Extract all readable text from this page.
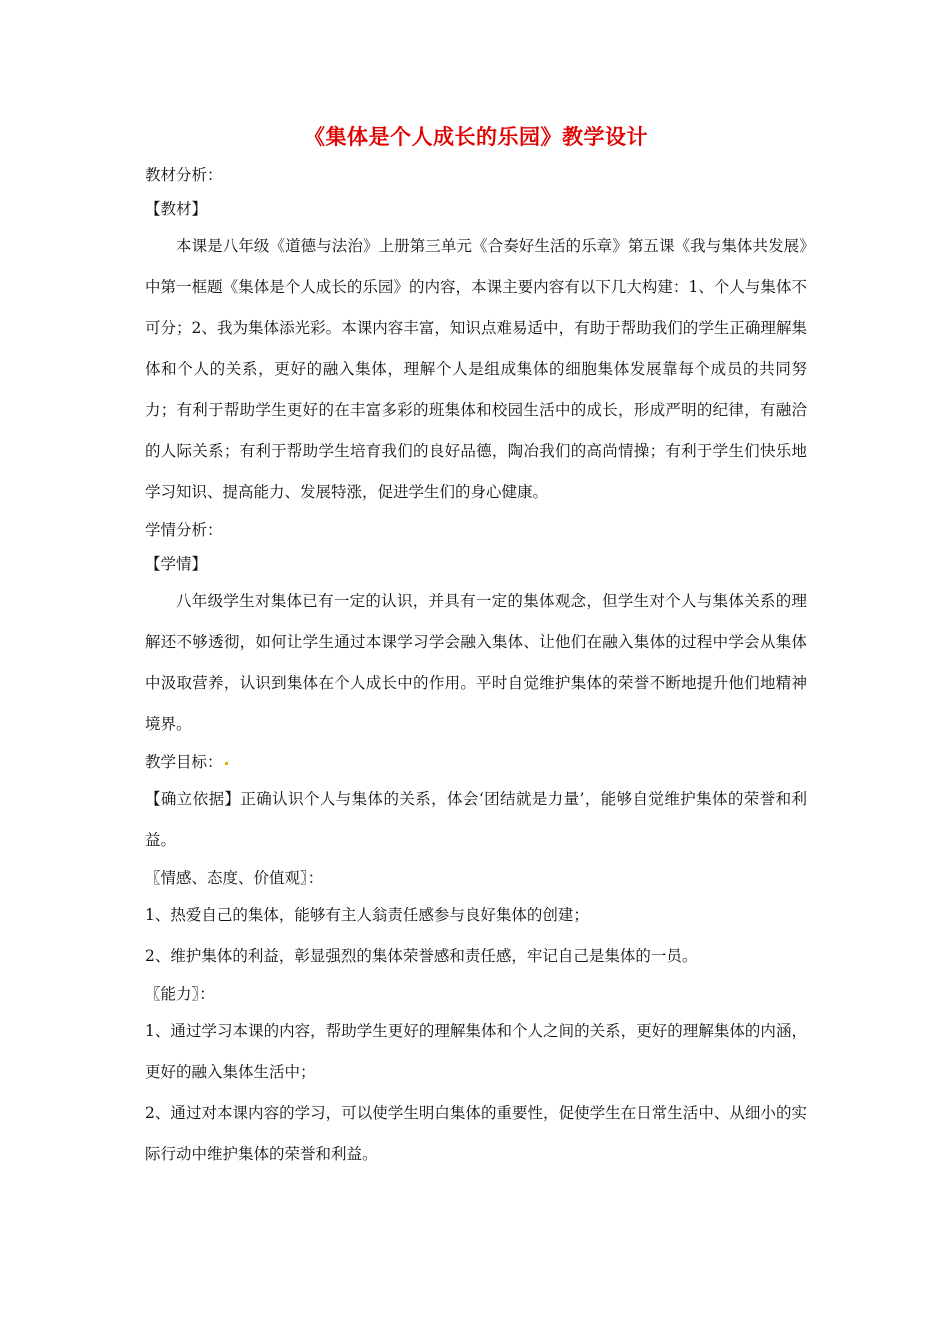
《集体是个人成长的乐园》教学设计

教材分析：

【教材】

本课是八年级《道德与法治》上册第三单元《合奏好生活的乐章》第五课《我与集体共发展》中第一框题《集体是个人成长的乐园》的内容，本课主要内容有以下几大构建：1、个人与集体不可分；2、我为集体添光彩。本课内容丰富，知识点难易适中，有助于帮助我们的学生正确理解集体和个人的关系，更好的融入集体，理解个人是组成集体的细胞集体发展靠每个成员的共同努力；有利于帮助学生更好的在丰富多彩的班集体和校园生活中的成长，形成严明的纪律，有融洽的人际关系；有利于帮助学生培育我们的良好品德，陶冶我们的高尚情操；有利于学生们快乐地学习知识、提高能力、发展特涨，促进学生们的身心健康。

学情分析：

【学情】

八年级学生对集体已有一定的认识，并具有一定的集体观念，但学生对个人与集体关系的理解还不够透彻，如何让学生通过本课学习学会融入集体、让他们在融入集体的过程中学会从集体中汲取营养，认识到集体在个人成长中的作用。平时自觉维护集体的荣誉不断地提升他们地精神境界。

教学目标：

【确立依据】正确认识个人与集体的关系，体会‘团结就是力量’，能够自觉维护集体的荣誉和利益。

〖情感、态度、价值观〗：

1、热爱自己的集体，能够有主人翁责任感参与良好集体的创建；

2、维护集体的利益，彰显强烈的集体荣誉感和责任感，牢记自己是集体的一员。

〖能力〗：

1、通过学习本课的内容，帮助学生更好的理解集体和个人之间的关系，更好的理解集体的内涵，更好的融入集体生活中；

2、通过对本课内容的学习，可以使学生明白集体的重要性，促使学生在日常生活中、从细小的实际行动中维护集体的荣誉和利益。
